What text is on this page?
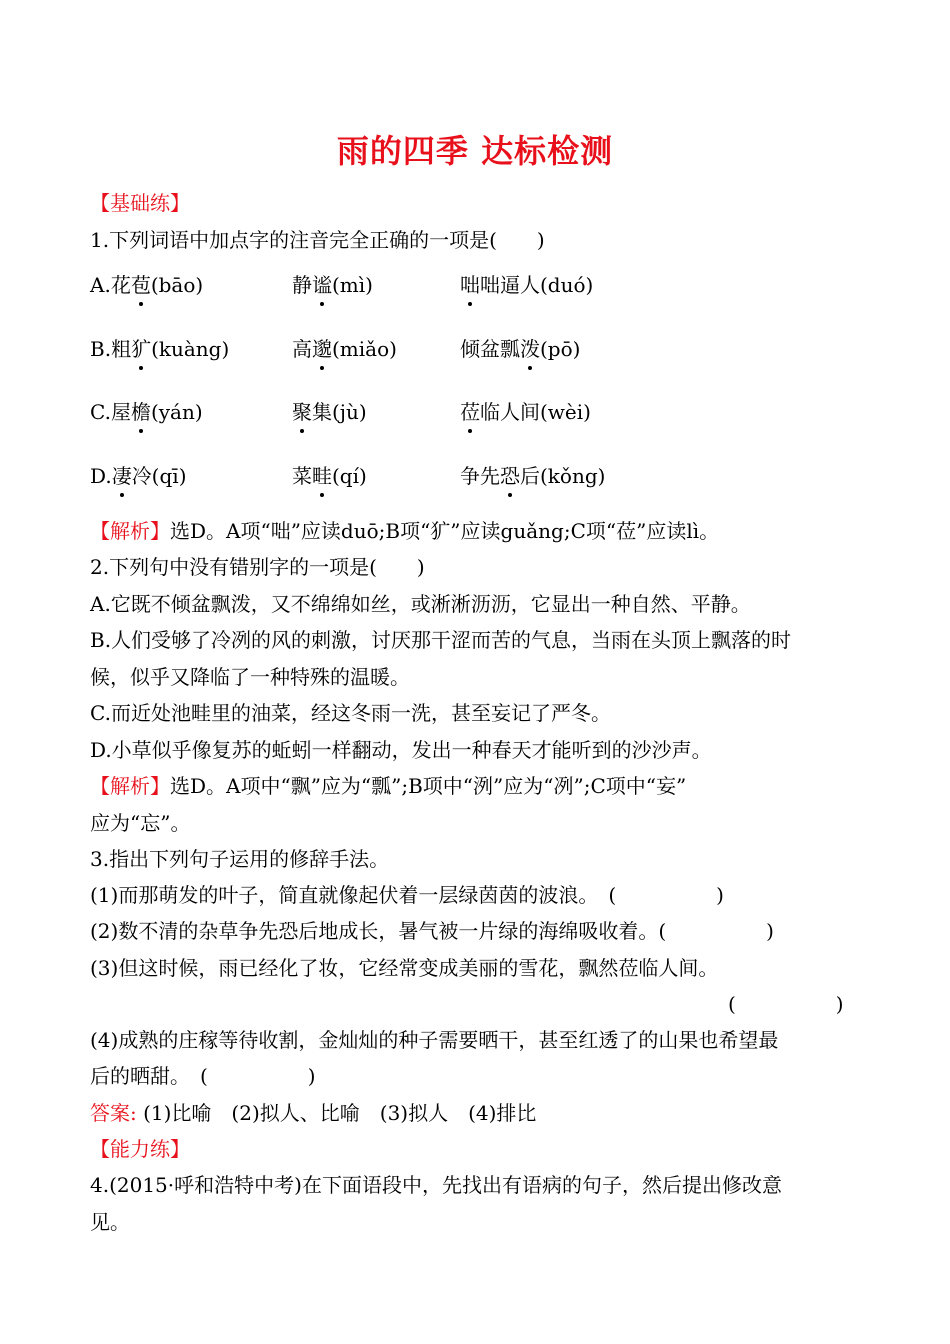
雨的四季 达标检测
【基础练】
1.下列词语中加点字的注音完全正确的一项是(　　)
A.花苞(bāo)	静谧(mì)	咄咄逼人(duó)
B.粗犷(kuàng)	高邈(miǎo)	倾盆瓢泼(pō)
C.屋檐(yán)	聚集(jù)	莅临人间(wèi)
D.凄冷(qī)	菜畦(qí)	争先恐后(kǒng)
【解析】选D。A项“咄”应读duō;B项“犷”应读guǎng;C项“莅”应读lì。
2.下列句中没有错别字的一项是(　　)
A.它既不倾盆飘泼，又不绵绵如丝，或淅淅沥沥，它显出一种自然、平静。
B.人们受够了冷冽的风的刺激，讨厌那干涩而苦的气息，当雨在头顶上飘落的时
候，似乎又降临了一种特殊的温暖。
C.而近处池畦里的油菜，经这冬雨一洗，甚至妄记了严冬。
D.小草似乎像复苏的蚯蚓一样翻动，发出一种春天才能听到的沙沙声。
【解析】选D。A项中“飘”应为“瓢”;B项中“洌”应为“冽”;C项中“妄”
应为“忘”。
3.指出下列句子运用的修辞手法。
(1)而那萌发的叶子，简直就像起伏着一层绿茵茵的波浪。　(　　　　　)
(2)数不清的杂草争先恐后地成长，暑气被一片绿的海绵吸收着。(　　　　　)
(3)但这时候，雨已经化了妆，它经常变成美丽的雪花，飘然莅临人间。
(　　　　　)
(4)成熟的庄稼等待收割，金灿灿的种子需要晒干，甚至红透了的山果也希望最
后的晒甜。　(　　　　　)
答案: (1)比喻　(2)拟人、比喻　(3)拟人　(4)排比
【能力练】
4.(2015·呼和浩特中考)在下面语段中，先找出有语病的句子，然后提出修改意
见。
